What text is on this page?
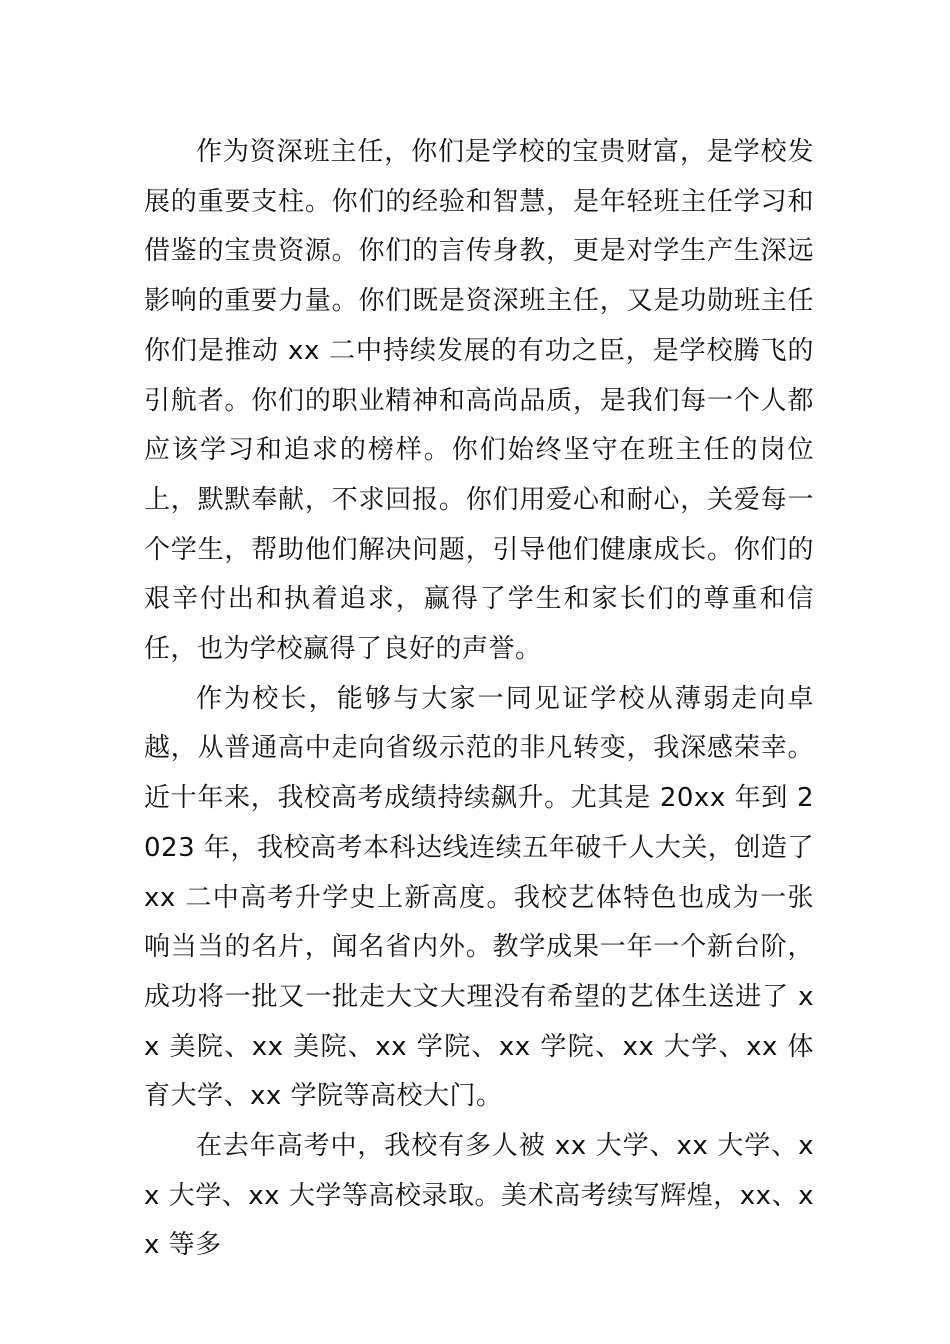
作为资深班主任，你们是学校的宝贵财富，是学校发展的重要支柱。你们的经验和智慧，是年轻班主任学习和借鉴的宝贵资源。你们的言传身教，更是对学生产生深远影响的重要力量。你们既是资深班主任，又是功勋班主任你们是推动 xx 二中持续发展的有功之臣，是学校腾飞的引航者。你们的职业精神和高尚品质，是我们每一个人都应该学习和追求的榜样。你们始终坚守在班主任的岗位上，默默奉献，不求回报。你们用爱心和耐心，关爱每一个学生，帮助他们解决问题，引导他们健康成长。你们的艰辛付出和执着追求，赢得了学生和家长们的尊重和信任，也为学校赢得了良好的声誉。

作为校长，能够与大家一同见证学校从薄弱走向卓越，从普通高中走向省级示范的非凡转变，我深感荣幸。近十年来，我校高考成绩持续飙升。尤其是 20xx 年到 2023 年，我校高考本科达线连续五年破千人大关，创造了 xx 二中高考升学史上新高度。我校艺体特色也成为一张响当当的名片，闻名省内外。教学成果一年一个新台阶，成功将一批又一批走大文大理没有希望的艺体生送进了 xx 美院、xx 美院、xx 学院、xx 学院、xx 大学、xx 体育大学、xx 学院等高校大门。

在去年高考中，我校有多人被 xx 大学、xx 大学、xx 大学、xx 大学等高校录取。美术高考续写辉煌，xx、xx 等多
